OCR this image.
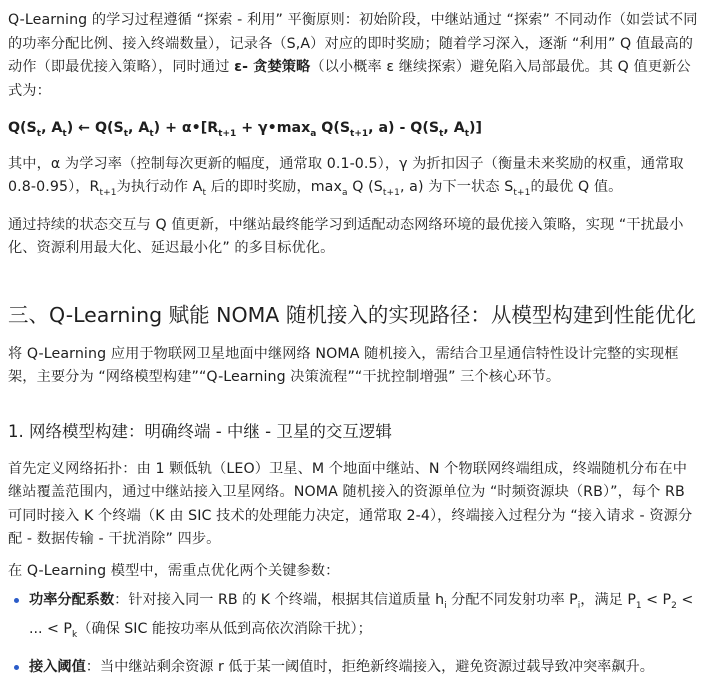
Q-Learning 的学习过程遵循 “探索 - 利用” 平衡原则：初始阶段，中继站通过 “探索” 不同动作（如尝试不同的功率分配比例、接入终端数量），记录各（S,A）对应的即时奖励；随着学习深入，逐渐 “利用” Q 值最高的动作（即最优接入策略），同时通过 ε- 贪婪策略（以小概率 ε 继续探索）避免陷入局部最优。其 Q 值更新公式为：

$Q(S_t$, $A_t$) ← $Q(S_t$, $A_t$) + $\alpha•[R_{t+1}$ + $\gamma•\max_a$ $Q(S_{t+1}$, $a) - Q(S_t$, $A_t$)]

其中，α 为学习率（控制每次更新的幅度，通常取 0.1-0.5），γ 为折扣因子（衡量未来奖励的权重，通常取 0.8-0.95），$R_{t+1}$为执行动作 $A_t$ 后的即时奖励，$\max_a Q$ ($S_{t+1}$, a) 为下一状态 $S_{t+1}$的最优 Q 值。

通过持续的状态交互与 Q 值更新，中继站最终能学习到适配动态网络环境的最优接入策略，实现 “干扰最小化、资源利用最大化、延迟最小化” 的多目标优化。

三、Q-Learning 赋能 NOMA 随机接入的实现路径：从模型构建到性能优化

将 Q-Learning 应用于物联网卫星地面中继网络 NOMA 随机接入，需结合卫星通信特性设计完整的实现框架，主要分为 “网络模型构建”“Q-Learning 决策流程”“干扰控制增强” 三个核心环节。

1. 网络模型构建：明确终端 - 中继 - 卫星的交互逻辑

首先定义网络拓扑：由 1 颗低轨（LEO）卫星、M 个地面中继站、N 个物联网终端组成，终端随机分布在中继站覆盖范围内，通过中继站接入卫星网络。NOMA 随机接入的资源单位为 “时频资源块（RB）”，每个 RB 可同时接入 K 个终端（K 由 SIC 技术的处理能力决定，通常取 2-4），终端接入过程分为 “接入请求 - 资源分配 - 数据传输 - 干扰消除” 四步。

在 Q-Learning 模型中，需重点优化两个关键参数：

功率分配系数：针对接入同一 RB 的 K 个终端，根据其信道质量 $h_i$ 分配不同发射功率 $P_i$，满足 $P_1 < P_2$ < ... < $P_k$（确保 SIC 能按功率从低到高依次消除干扰）；
接入阈值：当中继站剩余资源 r 低于某一阈值时，拒绝新终端接入，避免资源过载导致冲突率飙升。
